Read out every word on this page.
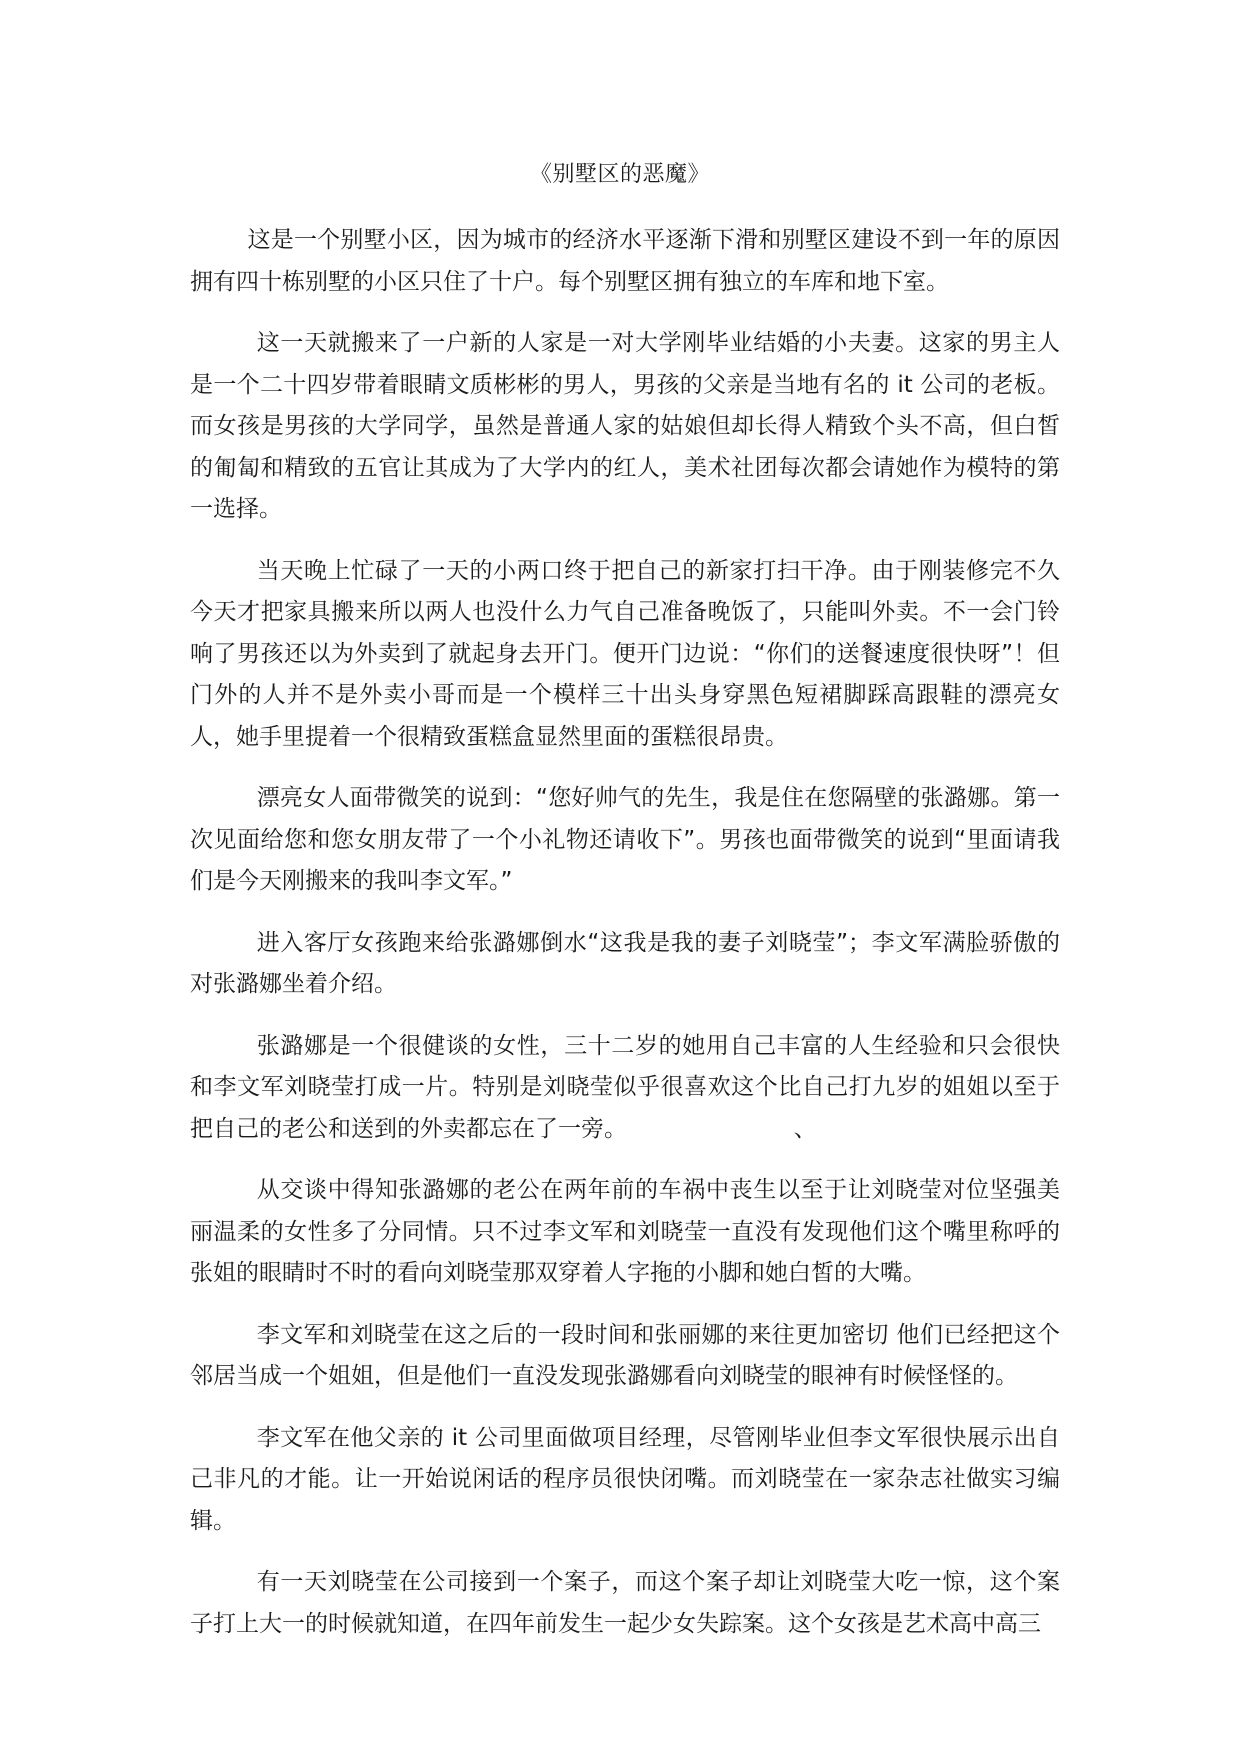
《别墅区的恶魔》

这是一个别墅小区，因为城市的经济水平逐渐下滑和别墅区建设不到一年的原因拥有四十栋别墅的小区只住了十户。每个别墅区拥有独立的车库和地下室。

这一天就搬来了一户新的人家是一对大学刚毕业结婚的小夫妻。这家的男主人是一个二十四岁带着眼睛文质彬彬的男人，男孩的父亲是当地有名的 it 公司的老板。而女孩是男孩的大学同学，虽然是普通人家的姑娘但却长得人精致个头不高，但白皙的匍匐和精致的五官让其成为了大学内的红人，美术社团每次都会请她作为模特的第一选择。

当天晚上忙碌了一天的小两口终于把自己的新家打扫干净。由于刚装修完不久今天才把家具搬来所以两人也没什么力气自己准备晚饭了，只能叫外卖。不一会门铃响了男孩还以为外卖到了就起身去开门。便开门边说：“你们的送餐速度很快呀”！但门外的人并不是外卖小哥而是一个模样三十出头身穿黑色短裙脚踩高跟鞋的漂亮女人，她手里提着一个很精致蛋糕盒显然里面的蛋糕很昂贵。

漂亮女人面带微笑的说到：“您好帅气的先生，我是住在您隔壁的张潞娜。第一次见面给您和您女朋友带了一个小礼物还请收下”。男孩也面带微笑的说到“里面请我们是今天刚搬来的我叫李文军。”

进入客厅女孩跑来给张潞娜倒水“这我是我的妻子刘晓莹”；李文军满脸骄傲的对张潞娜坐着介绍。

张潞娜是一个很健谈的女性，三十二岁的她用自己丰富的人生经验和只会很快和李文军刘晓莹打成一片。特别是刘晓莹似乎很喜欢这个比自己打九岁的姐姐以至于把自己的老公和送到的外卖都忘在了一旁。	、

从交谈中得知张潞娜的老公在两年前的车祸中丧生以至于让刘晓莹对位坚强美丽温柔的女性多了分同情。只不过李文军和刘晓莹一直没有发现他们这个嘴里称呼的张姐的眼睛时不时的看向刘晓莹那双穿着人字拖的小脚和她白皙的大嘴。

李文军和刘晓莹在这之后的一段时间和张丽娜的来往更加密切 他们已经把这个邻居当成一个姐姐，但是他们一直没发现张潞娜看向刘晓莹的眼神有时候怪怪的。

李文军在他父亲的 it 公司里面做项目经理，尽管刚毕业但李文军很快展示出自己非凡的才能。让一开始说闲话的程序员很快闭嘴。而刘晓莹在一家杂志社做实习编辑。

有一天刘晓莹在公司接到一个案子，而这个案子却让刘晓莹大吃一惊，这个案子打上大一的时候就知道，在四年前发生一起少女失踪案。这个女孩是艺术高中高三
